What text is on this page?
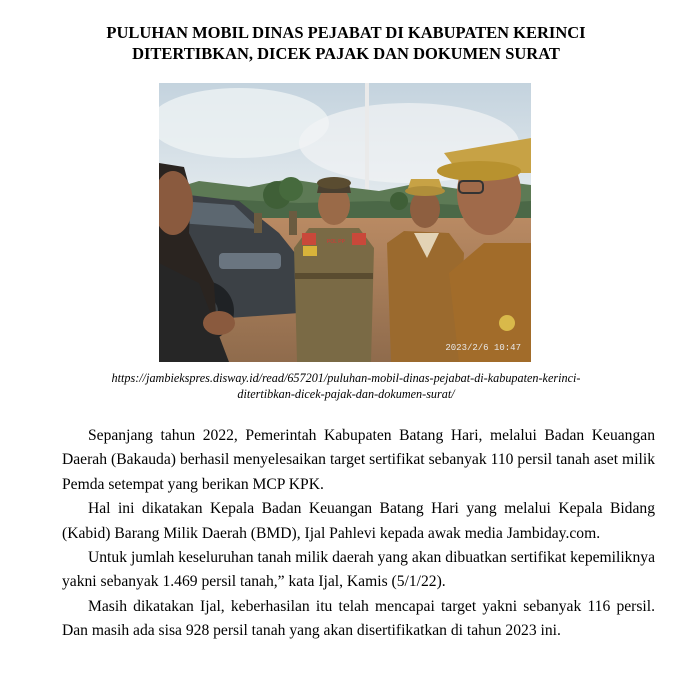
PULUHAN MOBIL DINAS PEJABAT DI KABUPATEN KERINCI
DITERTIBKAN, DICEK PAJAK DAN DOKUMEN SURAT
POL PP
2023/2/6 10:47
https://jambiekspres.disway.id/read/657201/puluhan-mobil-dinas-pejabat-di-kabupaten-kerinci-
ditertibkan-dicek-pajak-dan-dokumen-surat/

Sepanjang tahun 2022, Pemerintah Kabupaten Batang Hari, melalui Badan Keuangan Daerah (Bakauda) berhasil menyelesaikan target sertifikat sebanyak 110 persil tanah aset milik Pemda setempat yang berikan MCP KPK.

Hal ini dikatakan Kepala Badan Keuangan Batang Hari yang melalui Kepala Bidang (Kabid) Barang Milik Daerah (BMD), Ijal Pahlevi kepada awak media Jambiday.com.

Untuk jumlah keseluruhan tanah milik daerah yang akan dibuatkan sertifikat kepemiliknya yakni sebanyak 1.469 persil tanah,” kata Ijal, Kamis (5/1/22).

Masih dikatakan Ijal, keberhasilan itu telah mencapai target yakni sebanyak 116 persil. Dan masih ada sisa 928 persil tanah yang akan disertifikatkan di tahun 2023 ini.
